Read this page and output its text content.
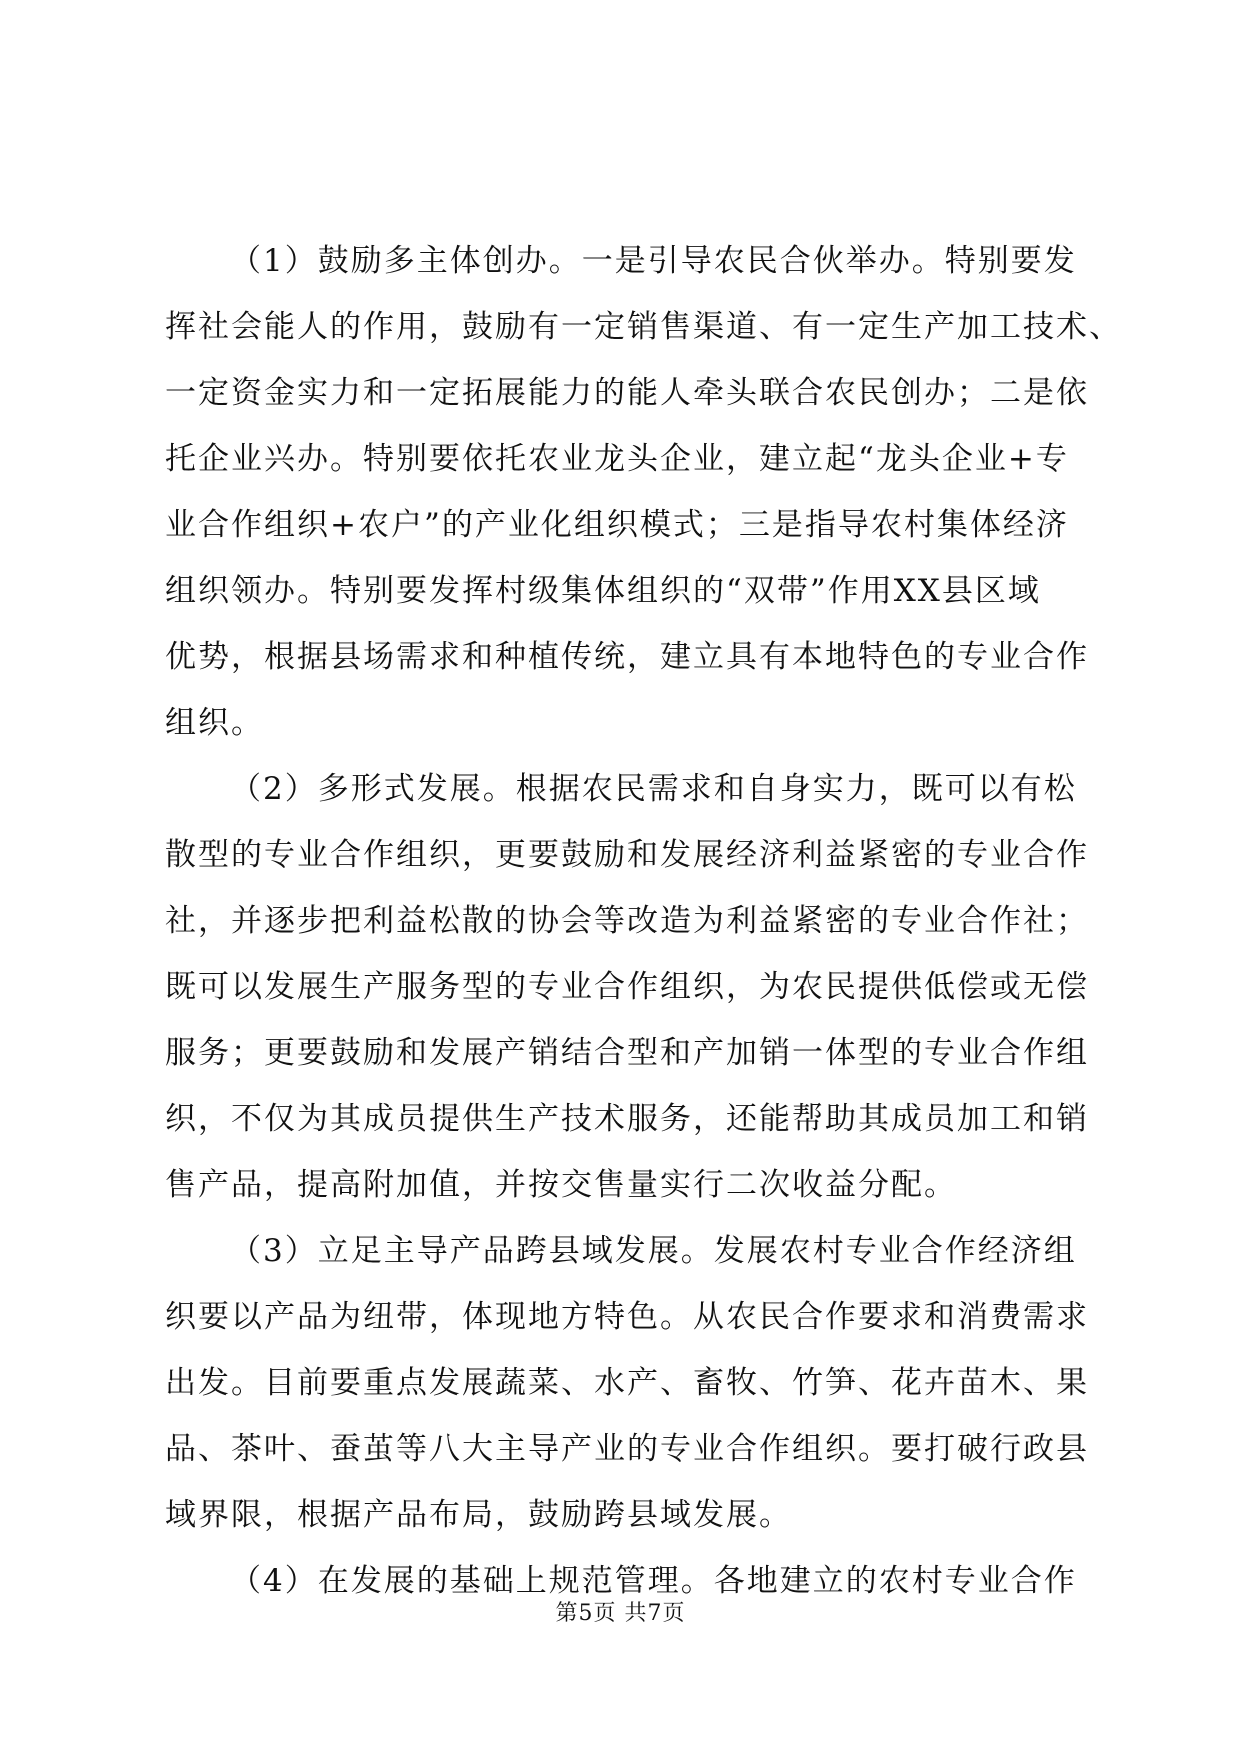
（1）鼓励多主体创办。一是引导农民合伙举办。特别要发
挥社会能人的作用，鼓励有一定销售渠道、有一定生产加工技术、
一定资金实力和一定拓展能力的能人牵头联合农民创办；二是依
托企业兴办。特别要依托农业龙头企业，建立起“龙头企业+专
业合作组织+农户”的产业化组织模式；三是指导农村集体经济
组织领办。特别要发挥村级集体组织的“双带”作用XX县区域
优势，根据县场需求和种植传统，建立具有本地特色的专业合作
组织。
（2）多形式发展。根据农民需求和自身实力，既可以有松
散型的专业合作组织，更要鼓励和发展经济利益紧密的专业合作
社，并逐步把利益松散的协会等改造为利益紧密的专业合作社；
既可以发展生产服务型的专业合作组织，为农民提供低偿或无偿
服务；更要鼓励和发展产销结合型和产加销一体型的专业合作组
织，不仅为其成员提供生产技术服务，还能帮助其成员加工和销
售产品，提高附加值，并按交售量实行二次收益分配。
（3）立足主导产品跨县域发展。发展农村专业合作经济组
织要以产品为纽带，体现地方特色。从农民合作要求和消费需求
出发。目前要重点发展蔬菜、水产、畜牧、竹笋、花卉苗木、果
品、茶叶、蚕茧等八大主导产业的专业合作组织。要打破行政县
域界限，根据产品布局，鼓励跨县域发展。
（4）在发展的基础上规范管理。各地建立的农村专业合作
第5页 共7页
